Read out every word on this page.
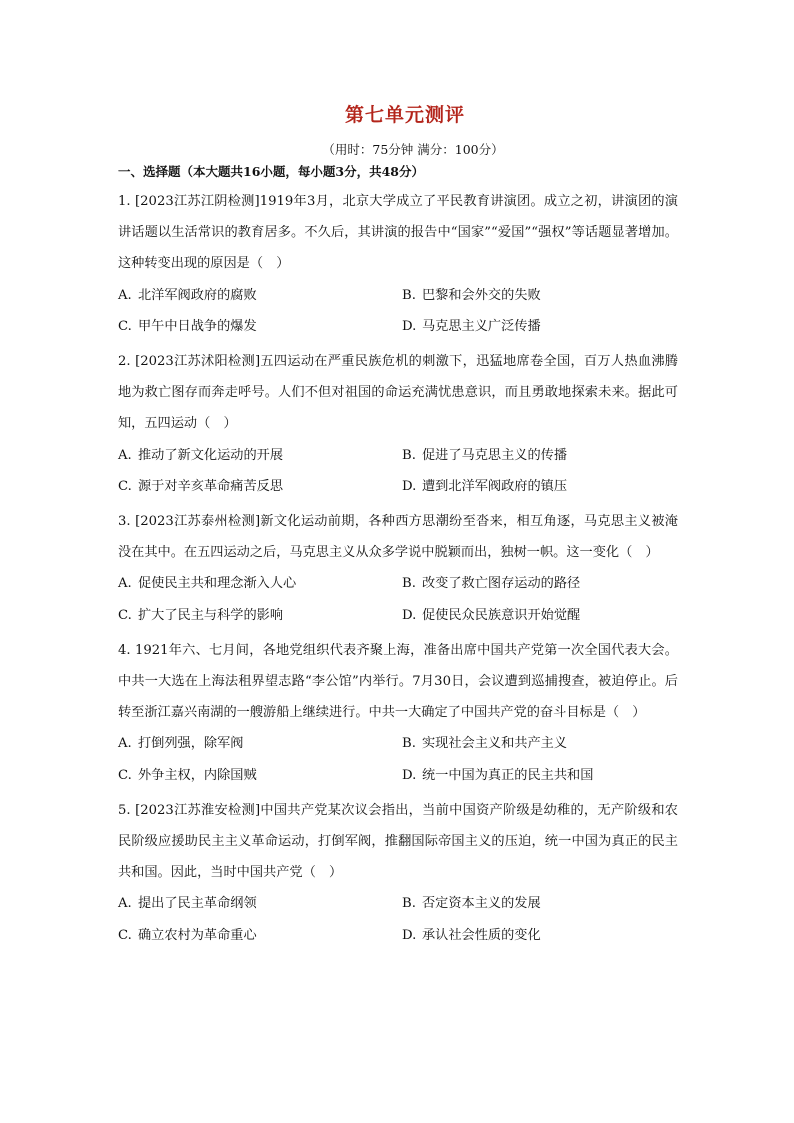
第七单元测评
（用时：75分钟 满分：100分）
一、选择题（本大题共16小题，每小题3分，共48分）
1. [2023江苏江阴检测]1919年3月，北京大学成立了平民教育讲演团。成立之初，讲演团的演讲话题以生活常识的教育居多。不久后，其讲演的报告中“国家”“爱国”“强权”等话题显著增加。这种转变出现的原因是（　）
A. 北洋军阀政府的腐败	B. 巴黎和会外交的失败
C. 甲午中日战争的爆发	D. 马克思主义广泛传播
2. [2023江苏沭阳检测]五四运动在严重民族危机的刺激下，迅猛地席卷全国，百万人热血沸腾地为救亡图存而奔走呼号。人们不但对祖国的命运充满忧患意识，而且勇敢地探索未来。据此可知，五四运动（　）
A. 推动了新文化运动的开展	B. 促进了马克思主义的传播
C. 源于对辛亥革命痛苦反思	D. 遭到北洋军阀政府的镇压
3. [2023江苏泰州检测]新文化运动前期，各种西方思潮纷至沓来，相互角逐，马克思主义被淹没在其中。在五四运动之后，马克思主义从众多学说中脱颖而出，独树一帜。这一变化（　）
A. 促使民主共和理念渐入人心	B. 改变了救亡图存运动的路径
C. 扩大了民主与科学的影响	D. 促使民众民族意识开始觉醒
4. 1921年六、七月间，各地党组织代表齐聚上海，准备出席中国共产党第一次全国代表大会。中共一大选在上海法租界望志路“李公馆”内举行。7月30日，会议遭到巡捕搜查，被迫停止。后转至浙江嘉兴南湖的一艘游船上继续进行。中共一大确定了中国共产党的奋斗目标是（　）
A. 打倒列强，除军阀	B. 实现社会主义和共产主义
C. 外争主权，内除国贼	D. 统一中国为真正的民主共和国
5. [2023江苏淮安检测]中国共产党某次议会指出，当前中国资产阶级是幼稚的，无产阶级和农民阶级应援助民主主义革命运动，打倒军阀，推翻国际帝国主义的压迫，统一中国为真正的民主共和国。因此，当时中国共产党（　）
A. 提出了民主革命纲领	B. 否定资本主义的发展
C. 确立农村为革命重心	D. 承认社会性质的变化
